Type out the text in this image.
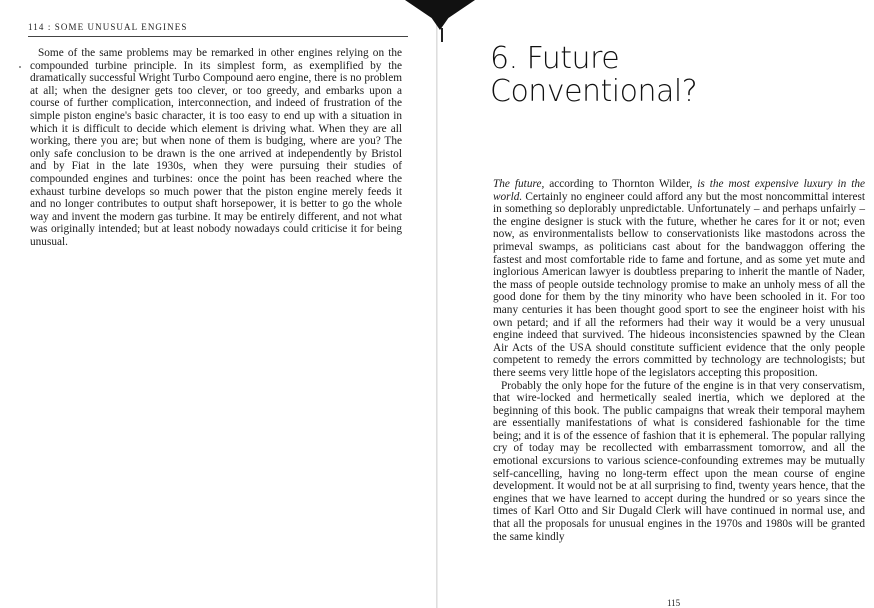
114 : SOME UNUSUAL ENGINES

Some of the same problems may be remarked in other engines relying on the compounded turbine principle. In its simplest form, as exemplified by the dramatically successful Wright Turbo Compound aero engine, there is no problem at all; when the designer gets too clever, or too greedy, and embarks upon a course of further complication, interconnection, and indeed of frustration of the simple piston engine's basic character, it is too easy to end up with a situation in which it is difficult to decide which element is driving what. When they are all working, there you are; but when none of them is budging, where are you? The only safe conclusion to be drawn is the one arrived at independently by Bristol and by Fiat in the late 1930s, when they were pursuing their studies of compounded engines and turbines: once the point has been reached where the exhaust turbine develops so much power that the piston engine merely feeds it and no longer contributes to output shaft horsepower, it is better to go the whole way and invent the modern gas turbine. It may be entirely different, and not what was originally intended; but at least nobody nowadays could criticise it for being unusual.

6. Future
Conventional?

The future, according to Thornton Wilder, is the most expensive luxury in the world. Certainly no engineer could afford any but the most noncommittal interest in something so deplorably unpredictable. Unfortunately – and perhaps unfairly – the engine designer is stuck with the future, whether he cares for it or not; even now, as environmentalists bellow to conservationists like mastodons across the primeval swamps, as politicians cast about for the bandwaggon offering the fastest and most comfortable ride to fame and fortune, and as some yet mute and inglorious American lawyer is doubtless preparing to inherit the mantle of Nader, the mass of people outside technology promise to make an unholy mess of all the good done for them by the tiny minority who have been schooled in it. For too many centuries it has been thought good sport to see the engineer hoist with his own petard; and if all the reformers had their way it would be a very unusual engine indeed that survived. The hideous inconsistencies spawned by the Clean Air Acts of the USA should constitute sufficient evidence that the only people competent to remedy the errors committed by technology are technologists; but there seems very little hope of the legislators accepting this proposition.

Probably the only hope for the future of the engine is in that very conservatism, that wire-locked and hermetically sealed inertia, which we deplored at the beginning of this book. The public campaigns that wreak their temporal mayhem are essentially manifestations of what is considered fashionable for the time being; and it is of the essence of fashion that it is ephemeral. The popular rallying cry of today may be recollected with embarrassment tomorrow, and all the emotional excursions to various science-confounding extremes may be mutually self-cancelling, having no long-term effect upon the mean course of engine development. It would not be at all surprising to find, twenty years hence, that the engines that we have learned to accept during the hundred or so years since the times of Karl Otto and Sir Dugald Clerk will have continued in normal use, and that all the proposals for unusual engines in the 1970s and 1980s will be granted the same kindly

115
